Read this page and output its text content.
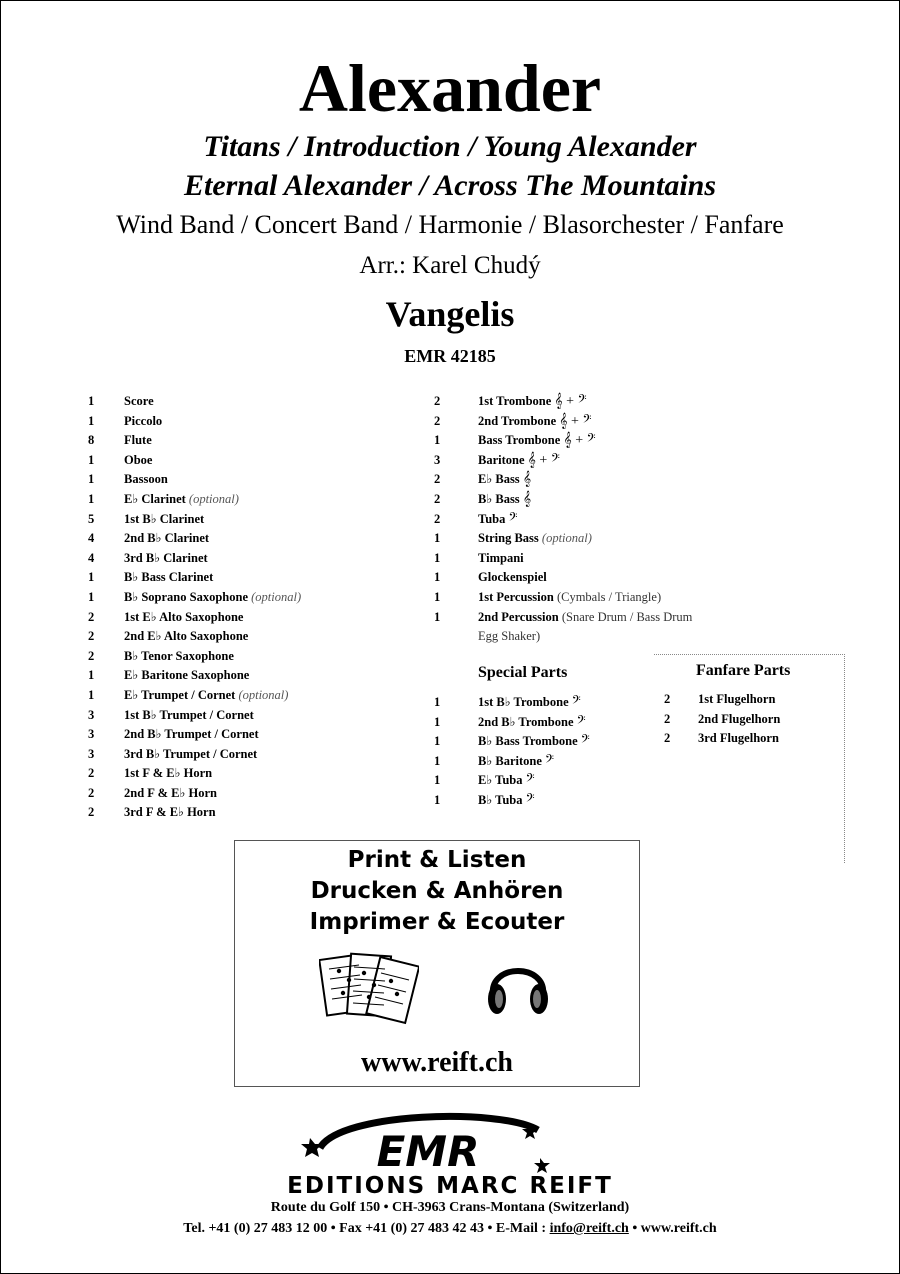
Alexander
Titans / Introduction / Young Alexander
Eternal Alexander / Across The Mountains
Wind Band / Concert Band / Harmonie / Blasorchester / Fanfare
Arr.: Karel Chudý
Vangelis
EMR 42185
1 Score
1 Piccolo
8 Flute
1 Oboe
1 Bassoon
1 E♭ Clarinet (optional)
5 1st B♭ Clarinet
4 2nd B♭ Clarinet
4 3rd B♭ Clarinet
1 B♭ Bass Clarinet
1 B♭ Soprano Saxophone (optional)
2 1st E♭ Alto Saxophone
2 2nd E♭ Alto Saxophone
2 B♭ Tenor Saxophone
1 E♭ Baritone Saxophone
1 E♭ Trumpet / Cornet (optional)
3 1st B♭ Trumpet / Cornet
3 2nd B♭ Trumpet / Cornet
3 3rd B♭ Trumpet / Cornet
2 1st F & E♭ Horn
2 2nd F & E♭ Horn
2 3rd F & E♭ Horn
2	1st Trombone 𝄞 + 𝄢
2	2nd Trombone 𝄞 + 𝄢
1	Bass Trombone 𝄞 + 𝄢
3	Baritone 𝄞 + 𝄢
2	E♭ Bass 𝄞
2	B♭ Bass 𝄞
2	Tuba 𝄢
1	String Bass (optional)
1	Timpani
1	Glockenspiel
1	1st Percussion (Cymbals / Triangle)
1	2nd Percussion (Snare Drum / Bass Drum
Egg Shaker)
Special Parts
1	1st B♭ Trombone 𝄢
1	2nd B♭ Trombone 𝄢
1	B♭ Bass Trombone 𝄢
1	B♭ Baritone 𝄢
1	E♭ Tuba 𝄢
1	B♭ Tuba 𝄢
Fanfare Parts
2 1st Flugelhorn
2 2nd Flugelhorn
2 3rd Flugelhorn
Print & Listen
Drucken & Anhören
Imprimer & Ecouter
www.reift.ch
EMR
EDITIONS MARC REIFT
Route du Golf 150 • CH-3963 Crans-Montana (Switzerland)
Tel. +41 (0) 27 483 12 00 • Fax +41 (0) 27 483 42 43 • E-Mail : info@reift.ch • www.reift.ch
